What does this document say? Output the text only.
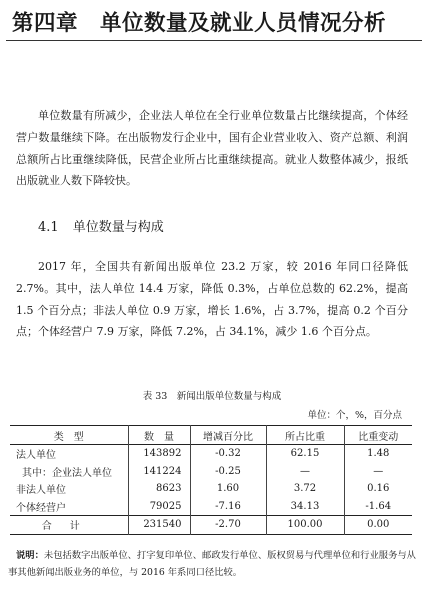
第四章　单位数量及就业人员情况分析

单位数量有所减少，企业法人单位在全行业单位数量占比继续提高，个体经营户数量继续下降。在出版物发行企业中，国有企业营业收入、资产总额、利润总额所占比重继续降低，民营企业所占比重继续提高。就业人数整体减少，报纸出版就业人数下降较快。

4.1 单位数量与构成

2017 年，全国共有新闻出版单位 23.2 万家，较 2016 年同口径降低 2.7%。其中，法人单位 14.4 万家，降低 0.3%，占单位总数的 62.2%，提高 1.5 个百分点；非法人单位 0.9 万家，增长 1.6%，占 3.7%，提高 0.2 个百分点；个体经营户 7.9 万家，降低 7.2%，占 34.1%，减少 1.6 个百分点。

表 33　新闻出版单位数量与构成
单位：个，%，百分点
类　型	数　量	增减百分比	所占比重	比重变动
法人单位	143892	-0.32	62.15	1.48
其中：企业法人单位	141224	-0.25	—	—
非法人单位	8623	1.60	3.72	0.16
个体经营户	79025	-7.16	34.13	-1.64
合计	231540	-2.70	100.00	0.00

说明：未包括数字出版单位、打字复印单位、邮政发行单位、版权贸易与代理单位和行业服务与从事其他新闻出版业务的单位，与 2016 年系同口径比较。
